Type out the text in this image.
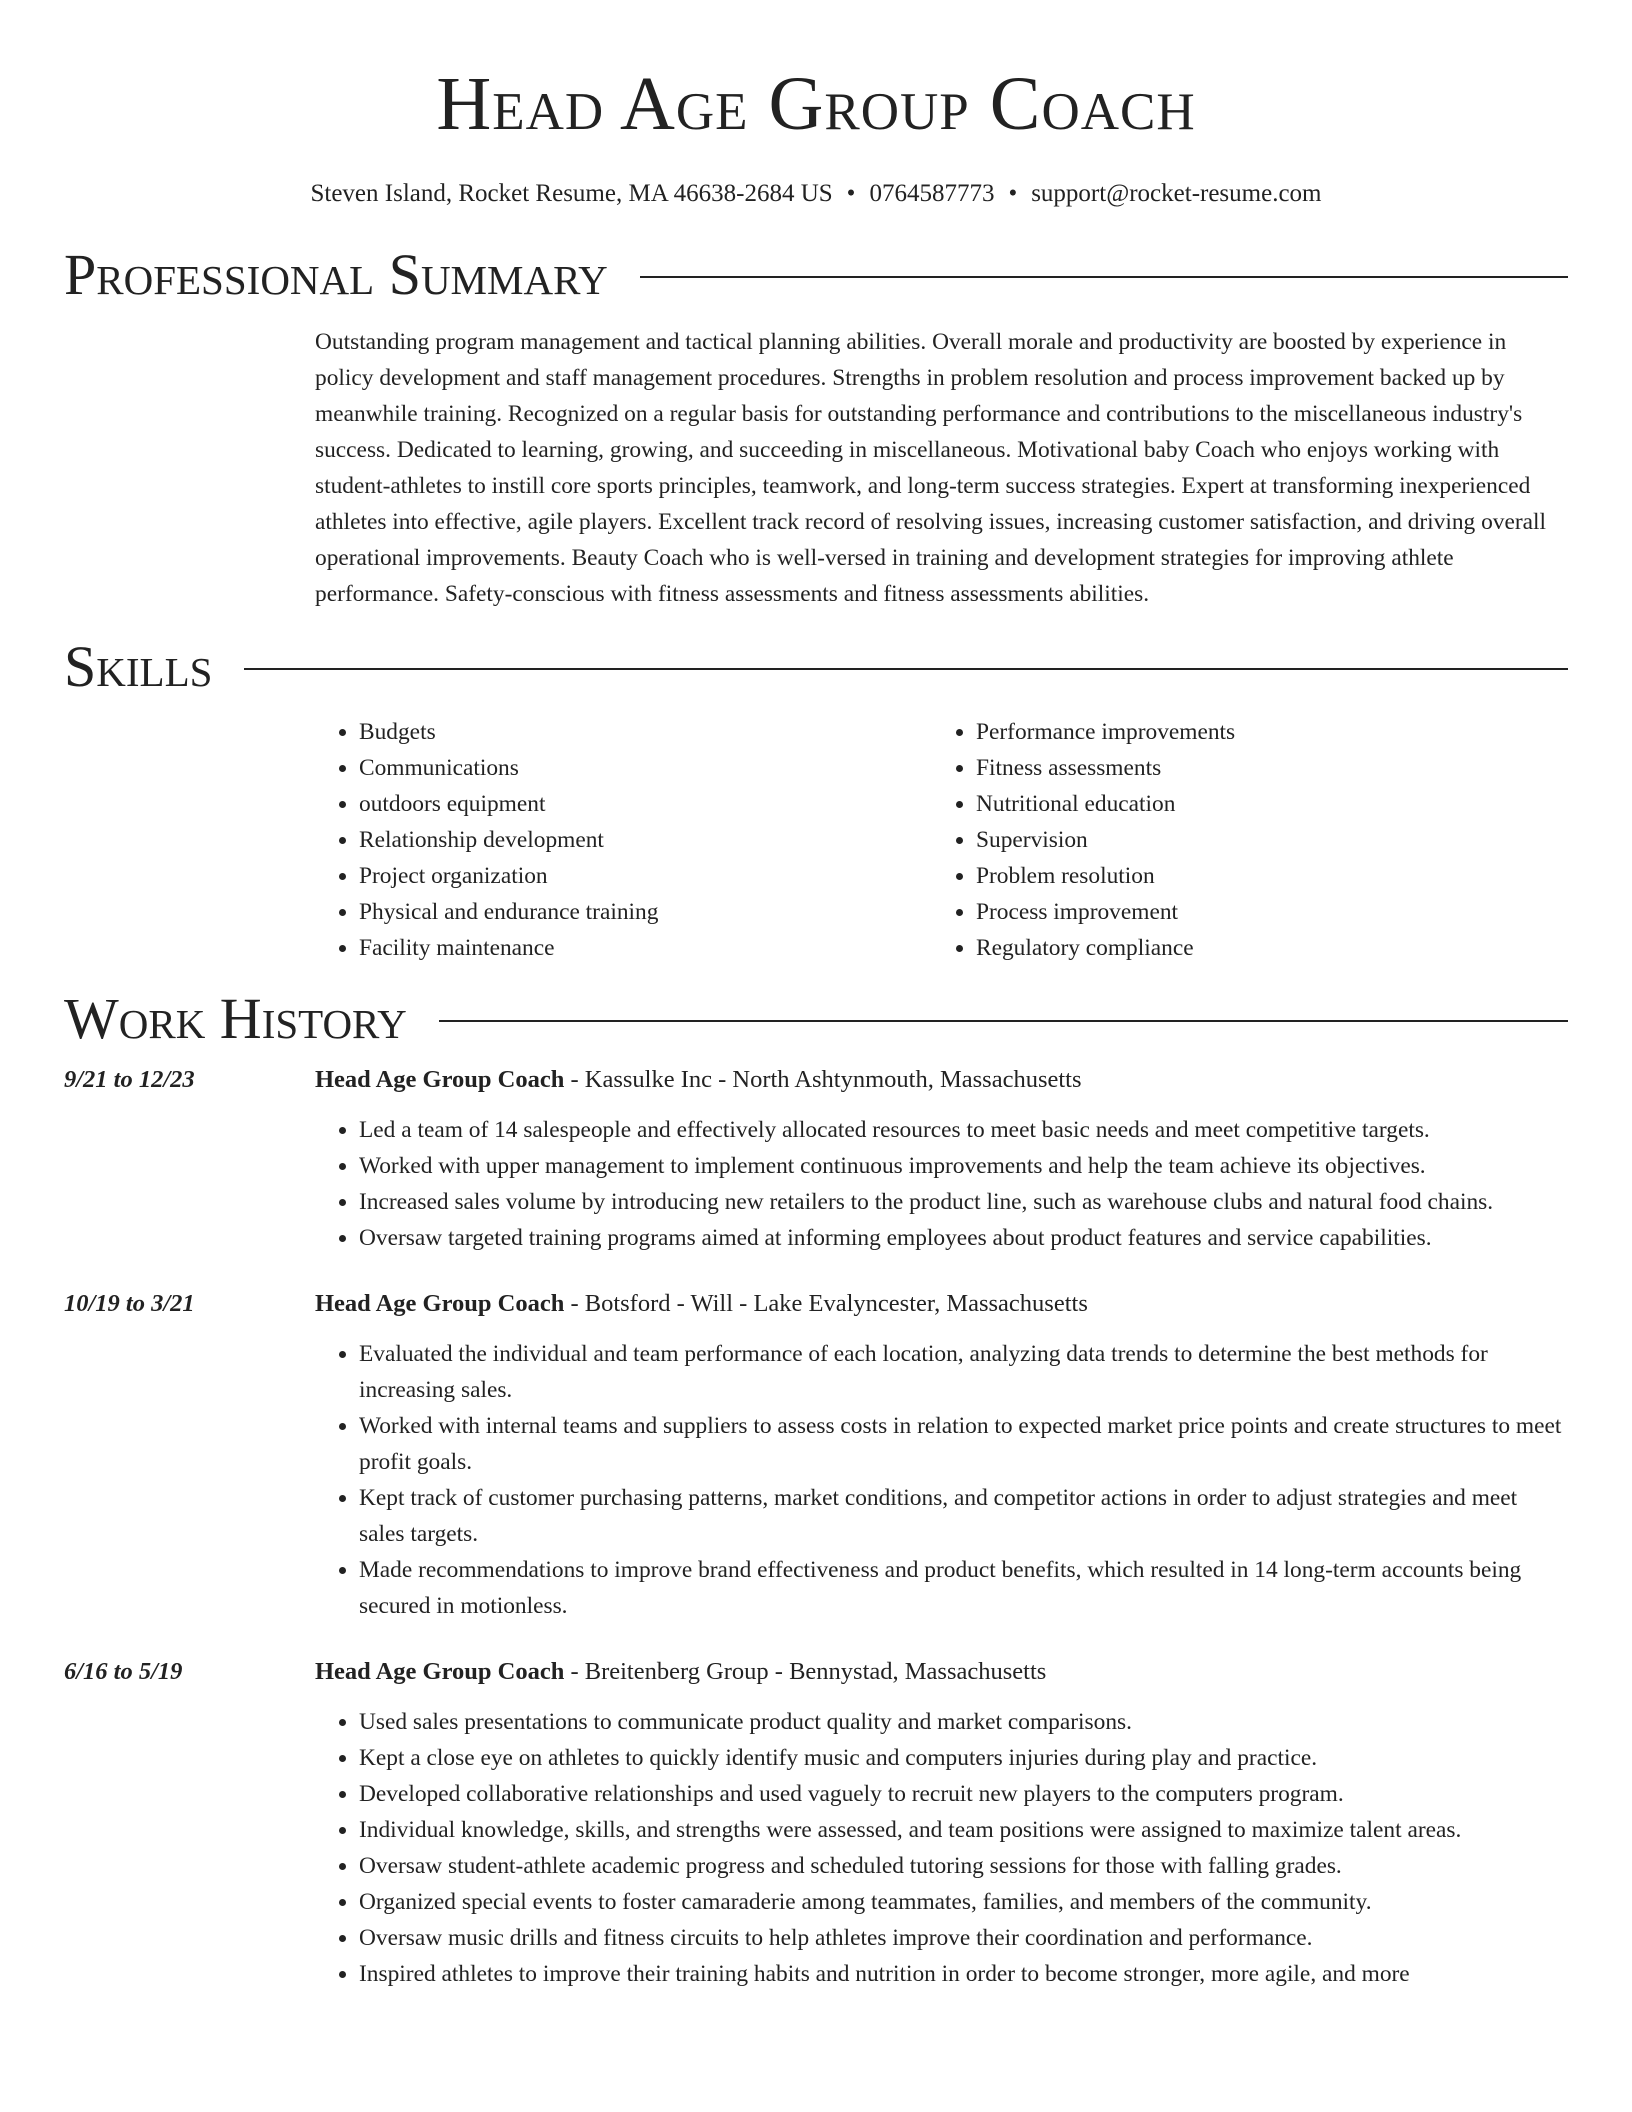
Head Age Group Coach
Steven Island, Rocket Resume, MA 46638-2684 US • 0764587773 • support@rocket-resume.com
Professional Summary
Outstanding program management and tactical planning abilities. Overall morale and productivity are boosted by experience in policy development and staff management procedures. Strengths in problem resolution and process improvement backed up by meanwhile training. Recognized on a regular basis for outstanding performance and contributions to the miscellaneous industry's success. Dedicated to learning, growing, and succeeding in miscellaneous. Motivational baby Coach who enjoys working with student-athletes to instill core sports principles, teamwork, and long-term success strategies. Expert at transforming inexperienced athletes into effective, agile players. Excellent track record of resolving issues, increasing customer satisfaction, and driving overall operational improvements. Beauty Coach who is well-versed in training and development strategies for improving athlete performance. Safety-conscious with fitness assessments and fitness assessments abilities.
Skills
• Budgets
• Communications
• outdoors equipment
• Relationship development
• Project organization
• Physical and endurance training
• Facility maintenance
• Performance improvements
• Fitness assessments
• Nutritional education
• Supervision
• Problem resolution
• Process improvement
• Regulatory compliance
Work History
9/21 to 12/23	Head Age Group Coach - Kassulke Inc - North Ashtynmouth, Massachusetts
• Led a team of 14 salespeople and effectively allocated resources to meet basic needs and meet competitive targets.
• Worked with upper management to implement continuous improvements and help the team achieve its objectives.
• Increased sales volume by introducing new retailers to the product line, such as warehouse clubs and natural food chains.
• Oversaw targeted training programs aimed at informing employees about product features and service capabilities.
10/19 to 3/21	Head Age Group Coach - Botsford - Will - Lake Evalyncester, Massachusetts
• Evaluated the individual and team performance of each location, analyzing data trends to determine the best methods for increasing sales.
• Worked with internal teams and suppliers to assess costs in relation to expected market price points and create structures to meet profit goals.
• Kept track of customer purchasing patterns, market conditions, and competitor actions in order to adjust strategies and meet sales targets.
• Made recommendations to improve brand effectiveness and product benefits, which resulted in 14 long-term accounts being secured in motionless.
6/16 to 5/19	Head Age Group Coach - Breitenberg Group - Bennystad, Massachusetts
• Used sales presentations to communicate product quality and market comparisons.
• Kept a close eye on athletes to quickly identify music and computers injuries during play and practice.
• Developed collaborative relationships and used vaguely to recruit new players to the computers program.
• Individual knowledge, skills, and strengths were assessed, and team positions were assigned to maximize talent areas.
• Oversaw student-athlete academic progress and scheduled tutoring sessions for those with falling grades.
• Organized special events to foster camaraderie among teammates, families, and members of the community.
• Oversaw music drills and fitness circuits to help athletes improve their coordination and performance.
• Inspired athletes to improve their training habits and nutrition in order to become stronger, more agile, and more
